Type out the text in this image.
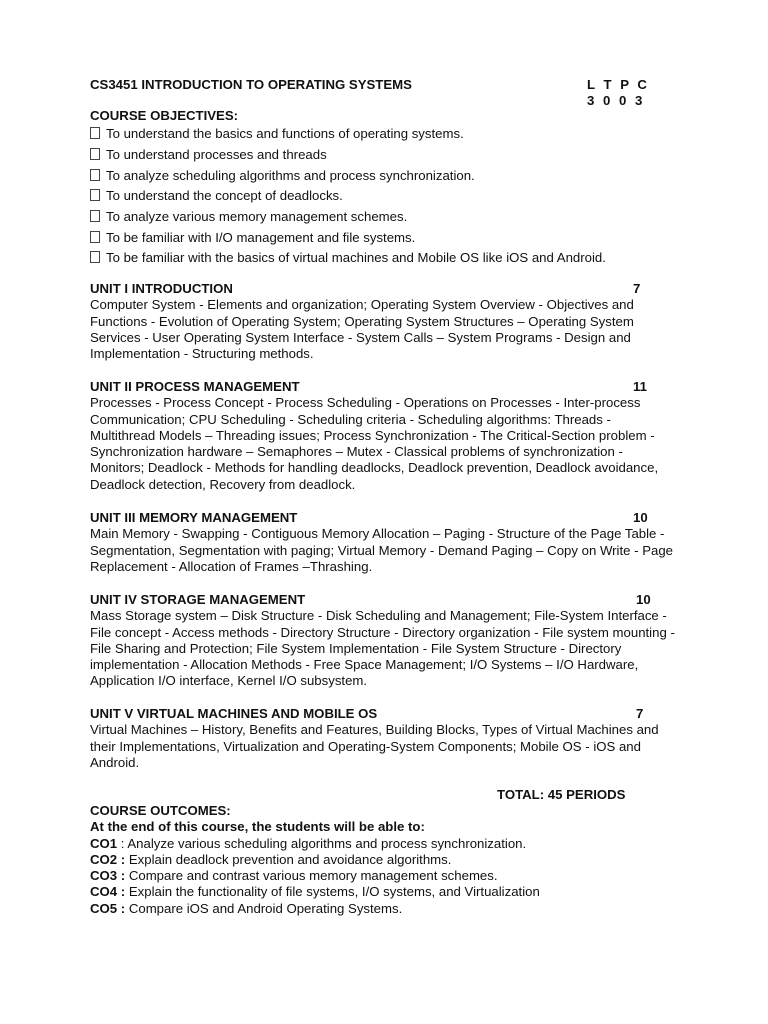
CS3451 INTRODUCTION TO OPERATING SYSTEMS	L T P C
3 0 0 3
COURSE OBJECTIVES:
To understand the basics and functions of operating systems.
To understand processes and threads
To analyze scheduling algorithms and process synchronization.
To understand the concept of deadlocks.
To analyze various memory management schemes.
To be familiar with I/O management and file systems.
To be familiar with the basics of virtual machines and Mobile OS like iOS and Android.
UNIT I INTRODUCTION	7
Computer System - Elements and organization; Operating System Overview - Objectives and Functions - Evolution of Operating System; Operating System Structures – Operating System Services - User Operating System Interface - System Calls – System Programs - Design and Implementation - Structuring methods.
UNIT II PROCESS MANAGEMENT	11
Processes - Process Concept - Process Scheduling - Operations on Processes - Inter-process Communication; CPU Scheduling - Scheduling criteria - Scheduling algorithms: Threads - Multithread Models – Threading issues; Process Synchronization - The Critical-Section problem - Synchronization hardware – Semaphores – Mutex - Classical problems of synchronization - Monitors; Deadlock - Methods for handling deadlocks, Deadlock prevention, Deadlock avoidance, Deadlock detection, Recovery from deadlock.
UNIT III MEMORY MANAGEMENT	10
Main Memory - Swapping - Contiguous Memory Allocation – Paging - Structure of the Page Table - Segmentation, Segmentation with paging; Virtual Memory - Demand Paging – Copy on Write - Page Replacement - Allocation of Frames –Thrashing.
UNIT IV STORAGE MANAGEMENT	10
Mass Storage system – Disk Structure - Disk Scheduling and Management; File-System Interface - File concept - Access methods - Directory Structure - Directory organization - File system mounting - File Sharing and Protection; File System Implementation - File System Structure - Directory implementation - Allocation Methods - Free Space Management; I/O Systems – I/O Hardware, Application I/O interface, Kernel I/O subsystem.
UNIT V VIRTUAL MACHINES AND MOBILE OS	7
Virtual Machines – History, Benefits and Features, Building Blocks, Types of Virtual Machines and their Implementations, Virtualization and Operating-System Components; Mobile OS - iOS and Android.
TOTAL: 45 PERIODS
COURSE OUTCOMES:
At the end of this course, the students will be able to:
CO1 : Analyze various scheduling algorithms and process synchronization.
CO2 : Explain deadlock prevention and avoidance algorithms.
CO3 : Compare and contrast various memory management schemes.
CO4 : Explain the functionality of file systems, I/O systems, and Virtualization
CO5 : Compare iOS and Android Operating Systems.
